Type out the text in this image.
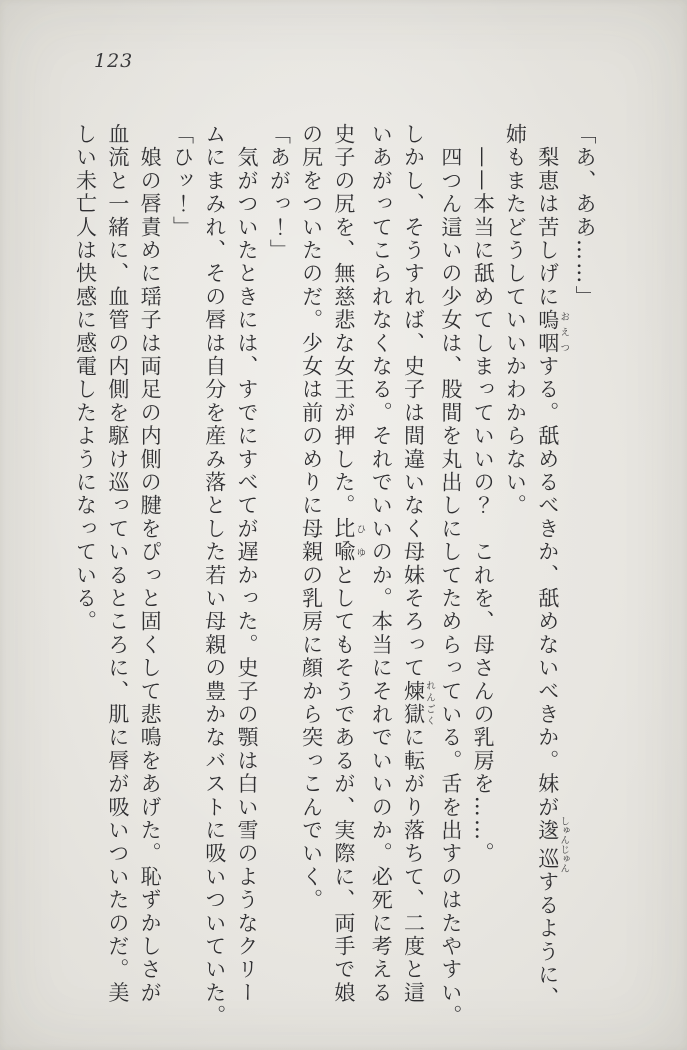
123
「あ、ああ……」
　梨恵は苦しげに嗚咽おえつする。舐めるべきか、舐めないべきか。妹が逡巡しゅんじゅんするように、
姉もまたどうしていいかわからない。
　——本当に舐めてしまっていいの？　これを、母さんの乳房を……。
　四つん這いの少女は、股間を丸出しにしてためらっている。舌を出すのはたやすい。
しかし、そうすれば、史子は間違いなく母妹そろって煉獄れんごくに転がり落ちて、二度と這
いあがってこられなくなる。それでいいのか。本当にそれでいいのか。必死に考える
史子の尻を、無慈悲な女王が押した。比喩ひゆとしてもそうであるが、実際に、両手で娘
の尻をついたのだ。少女は前のめりに母親の乳房に顔から突っこんでいく。
「あがっ！」
　気がついたときには、すでにすべてが遅かった。史子の顎は白い雪のようなクリー
ムにまみれ、その唇は自分を産み落とした若い母親の豊かなバストに吸いついていた。
「ひッ！」
　娘の唇責めに瑶子は両足の内側の腱をぴっと固くして悲鳴をあげた。恥ずかしさが
血流と一緒に、血管の内側を駆け巡っているところに、肌に唇が吸いついたのだ。美
しい未亡人は快感に感電したようになっている。
